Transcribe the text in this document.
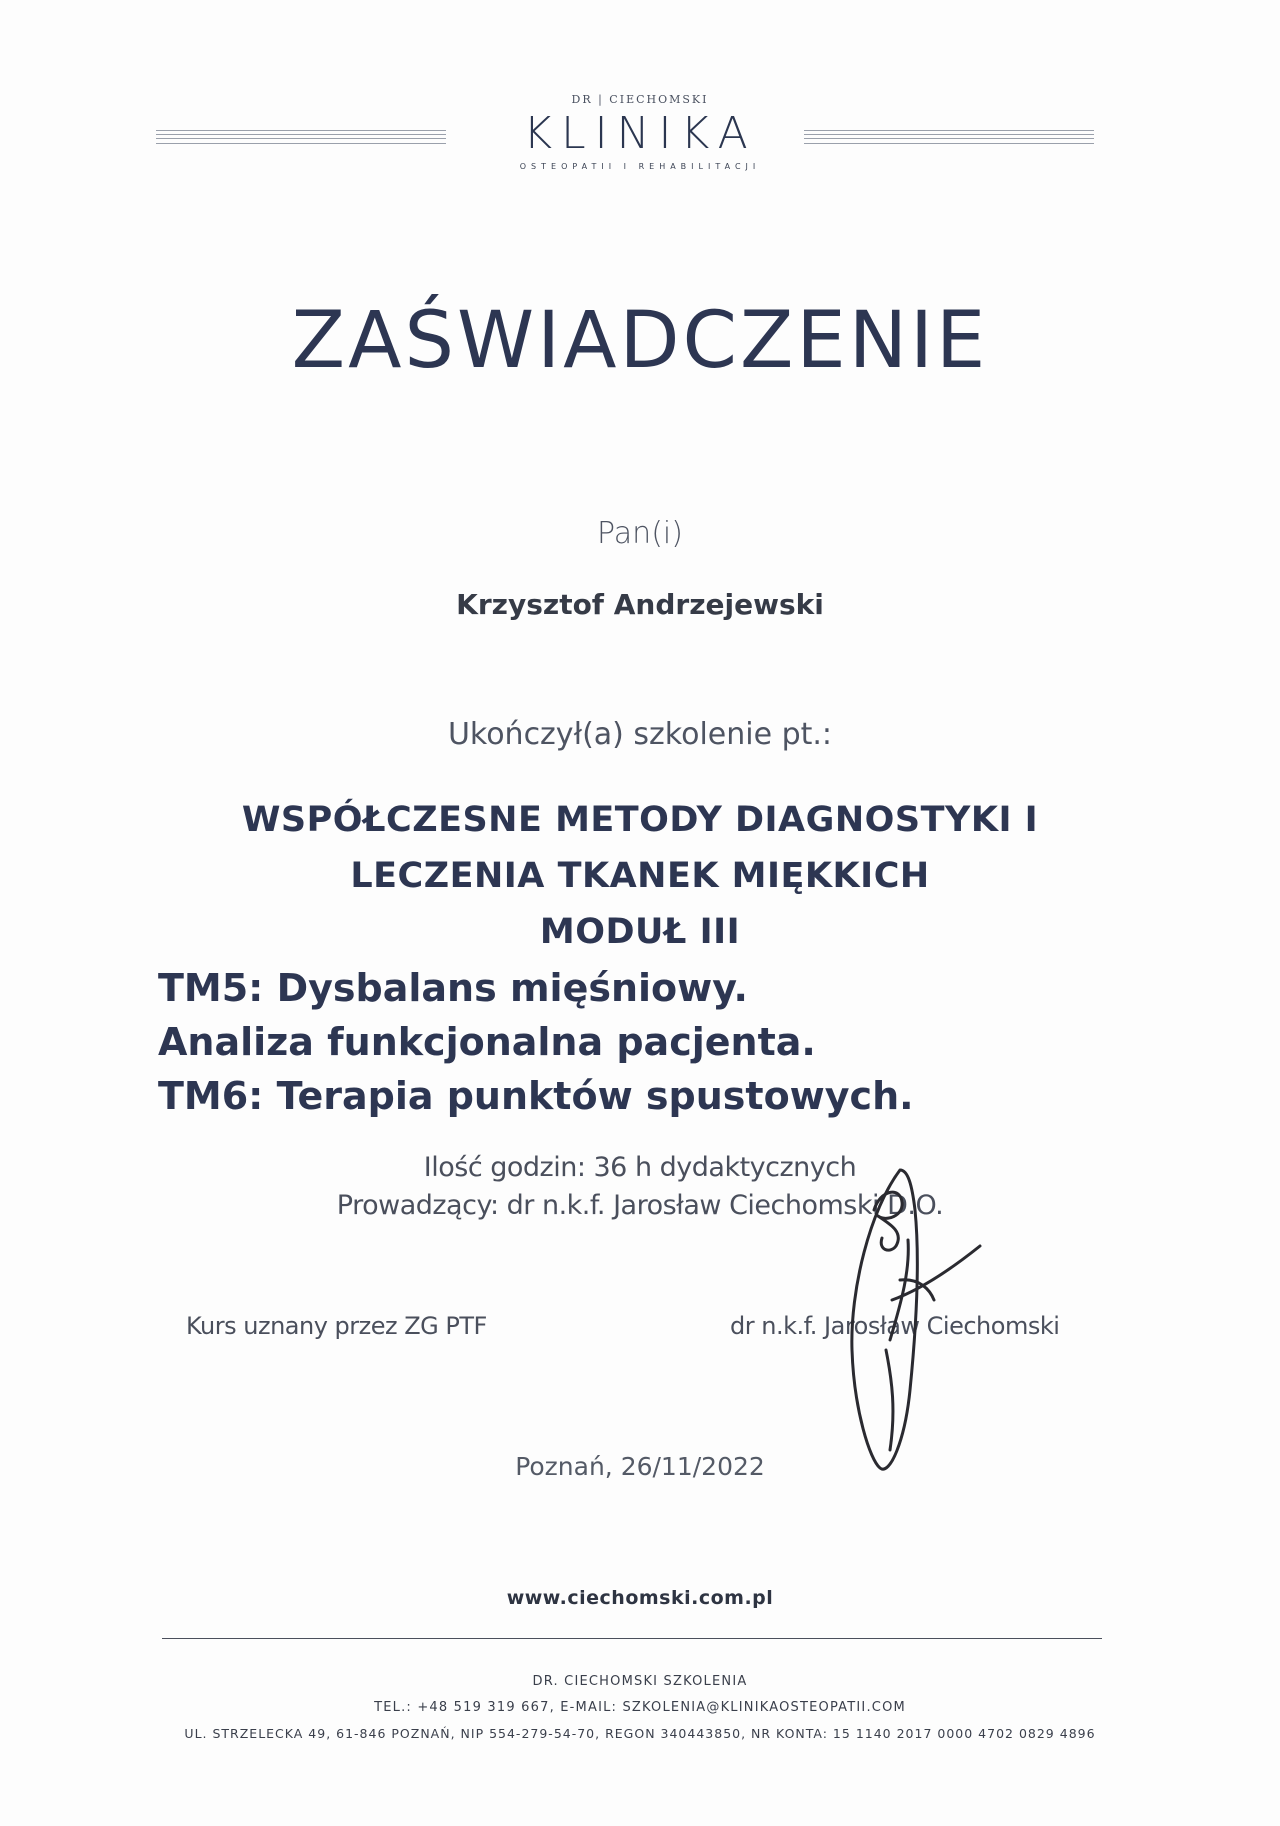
DR | CIECHOMSKI
KLINIKA
OSTEOPATII I REHABILITACJI
ZAŚWIADCZENIE
Pan(i)
Krzysztof Andrzejewski
Ukończył(a) szkolenie pt.:
WSPÓŁCZESNE METODY DIAGNOSTYKI I
LECZENIA TKANEK MIĘKKICH
MODUŁ III
TM5: Dysbalans mięśniowy.
Analiza funkcjonalna pacjenta.
TM6: Terapia punktów spustowych.
Ilość godzin: 36 h dydaktycznych
Prowadzący: dr n.k.f. Jarosław Ciechomski D.O.
Kurs uznany przez ZG PTF	dr n.k.f. Jarosław Ciechomski
Poznań, 26/11/2022
www.ciechomski.com.pl
DR. CIECHOMSKI SZKOLENIA
TEL.: +48 519 319 667, E-MAIL: SZKOLENIA@KLINIKAOSTEOPATII.COM
UL. STRZELECKA 49, 61-846 POZNAŃ, NIP 554-279-54-70, REGON 340443850, NR KONTA: 15 1140 2017 0000 4702 0829 4896
